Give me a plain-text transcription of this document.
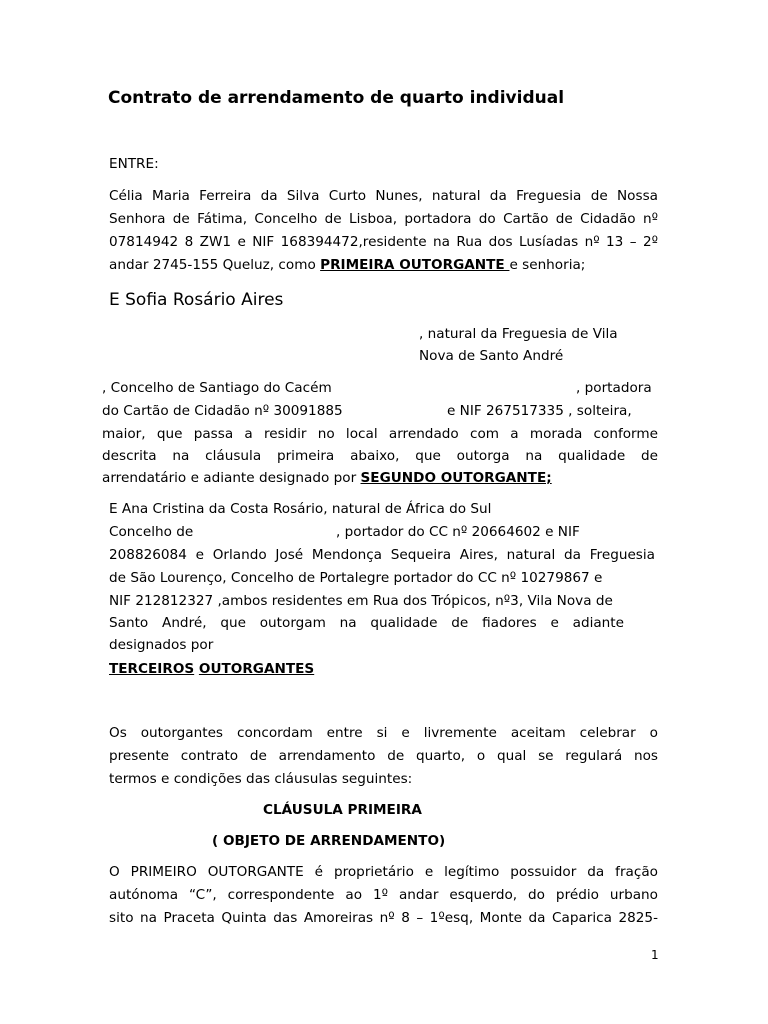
Contrato de arrendamento de quarto individual
ENTRE:
Célia Maria Ferreira da Silva Curto Nunes, natural da Freguesia de Nossa
Senhora de Fátima, Concelho de Lisboa, portadora do Cartão de Cidadão nº
07814942 8 ZW1 e NIF 168394472,residente na Rua dos Lusíadas nº 13 – 2º
andar 2745-155 Queluz, como PRIMEIRA OUTORGANTE e senhoria;
E Sofia Rosário Aires
, natural da Freguesia de Vila
Nova de Santo André
, Concelho de Santiago do Cacém	, portadora
do Cartão de Cidadão nº 30091885	e NIF 267517335 , solteira,
maior, que passa a residir no local arrendado com a morada conforme
descrita na cláusula primeira abaixo, que outorga na qualidade de
arrendatário e adiante designado por SEGUNDO OUTORGANTE;
E Ana Cristina da Costa Rosário, natural de África do Sul
Concelho de	, portador do CC nº 20664602 e NIF
208826084 e Orlando José Mendonça Sequeira Aires, natural da Freguesia
de São Lourenço, Concelho de Portalegre portador do CC nº 10279867 e
NIF 212812327 ,ambos residentes em Rua dos Trópicos, nº3, Vila Nova de
Santo André, que outorgam na qualidade de fiadores e adiante
designados por
TERCEIROS OUTORGANTES
Os outorgantes concordam entre si e livremente aceitam celebrar o
presente contrato de arrendamento de quarto, o qual se regulará nos
termos e condições das cláusulas seguintes:
CLÁUSULA PRIMEIRA
( OBJETO DE ARRENDAMENTO)
O PRIMEIRO OUTORGANTE é proprietário e legítimo possuidor da fração
autónoma “C”, correspondente ao 1º andar esquerdo, do prédio urbano
sito na Praceta Quinta das Amoreiras nº 8 – 1ºesq, Monte da Caparica 2825-
1
